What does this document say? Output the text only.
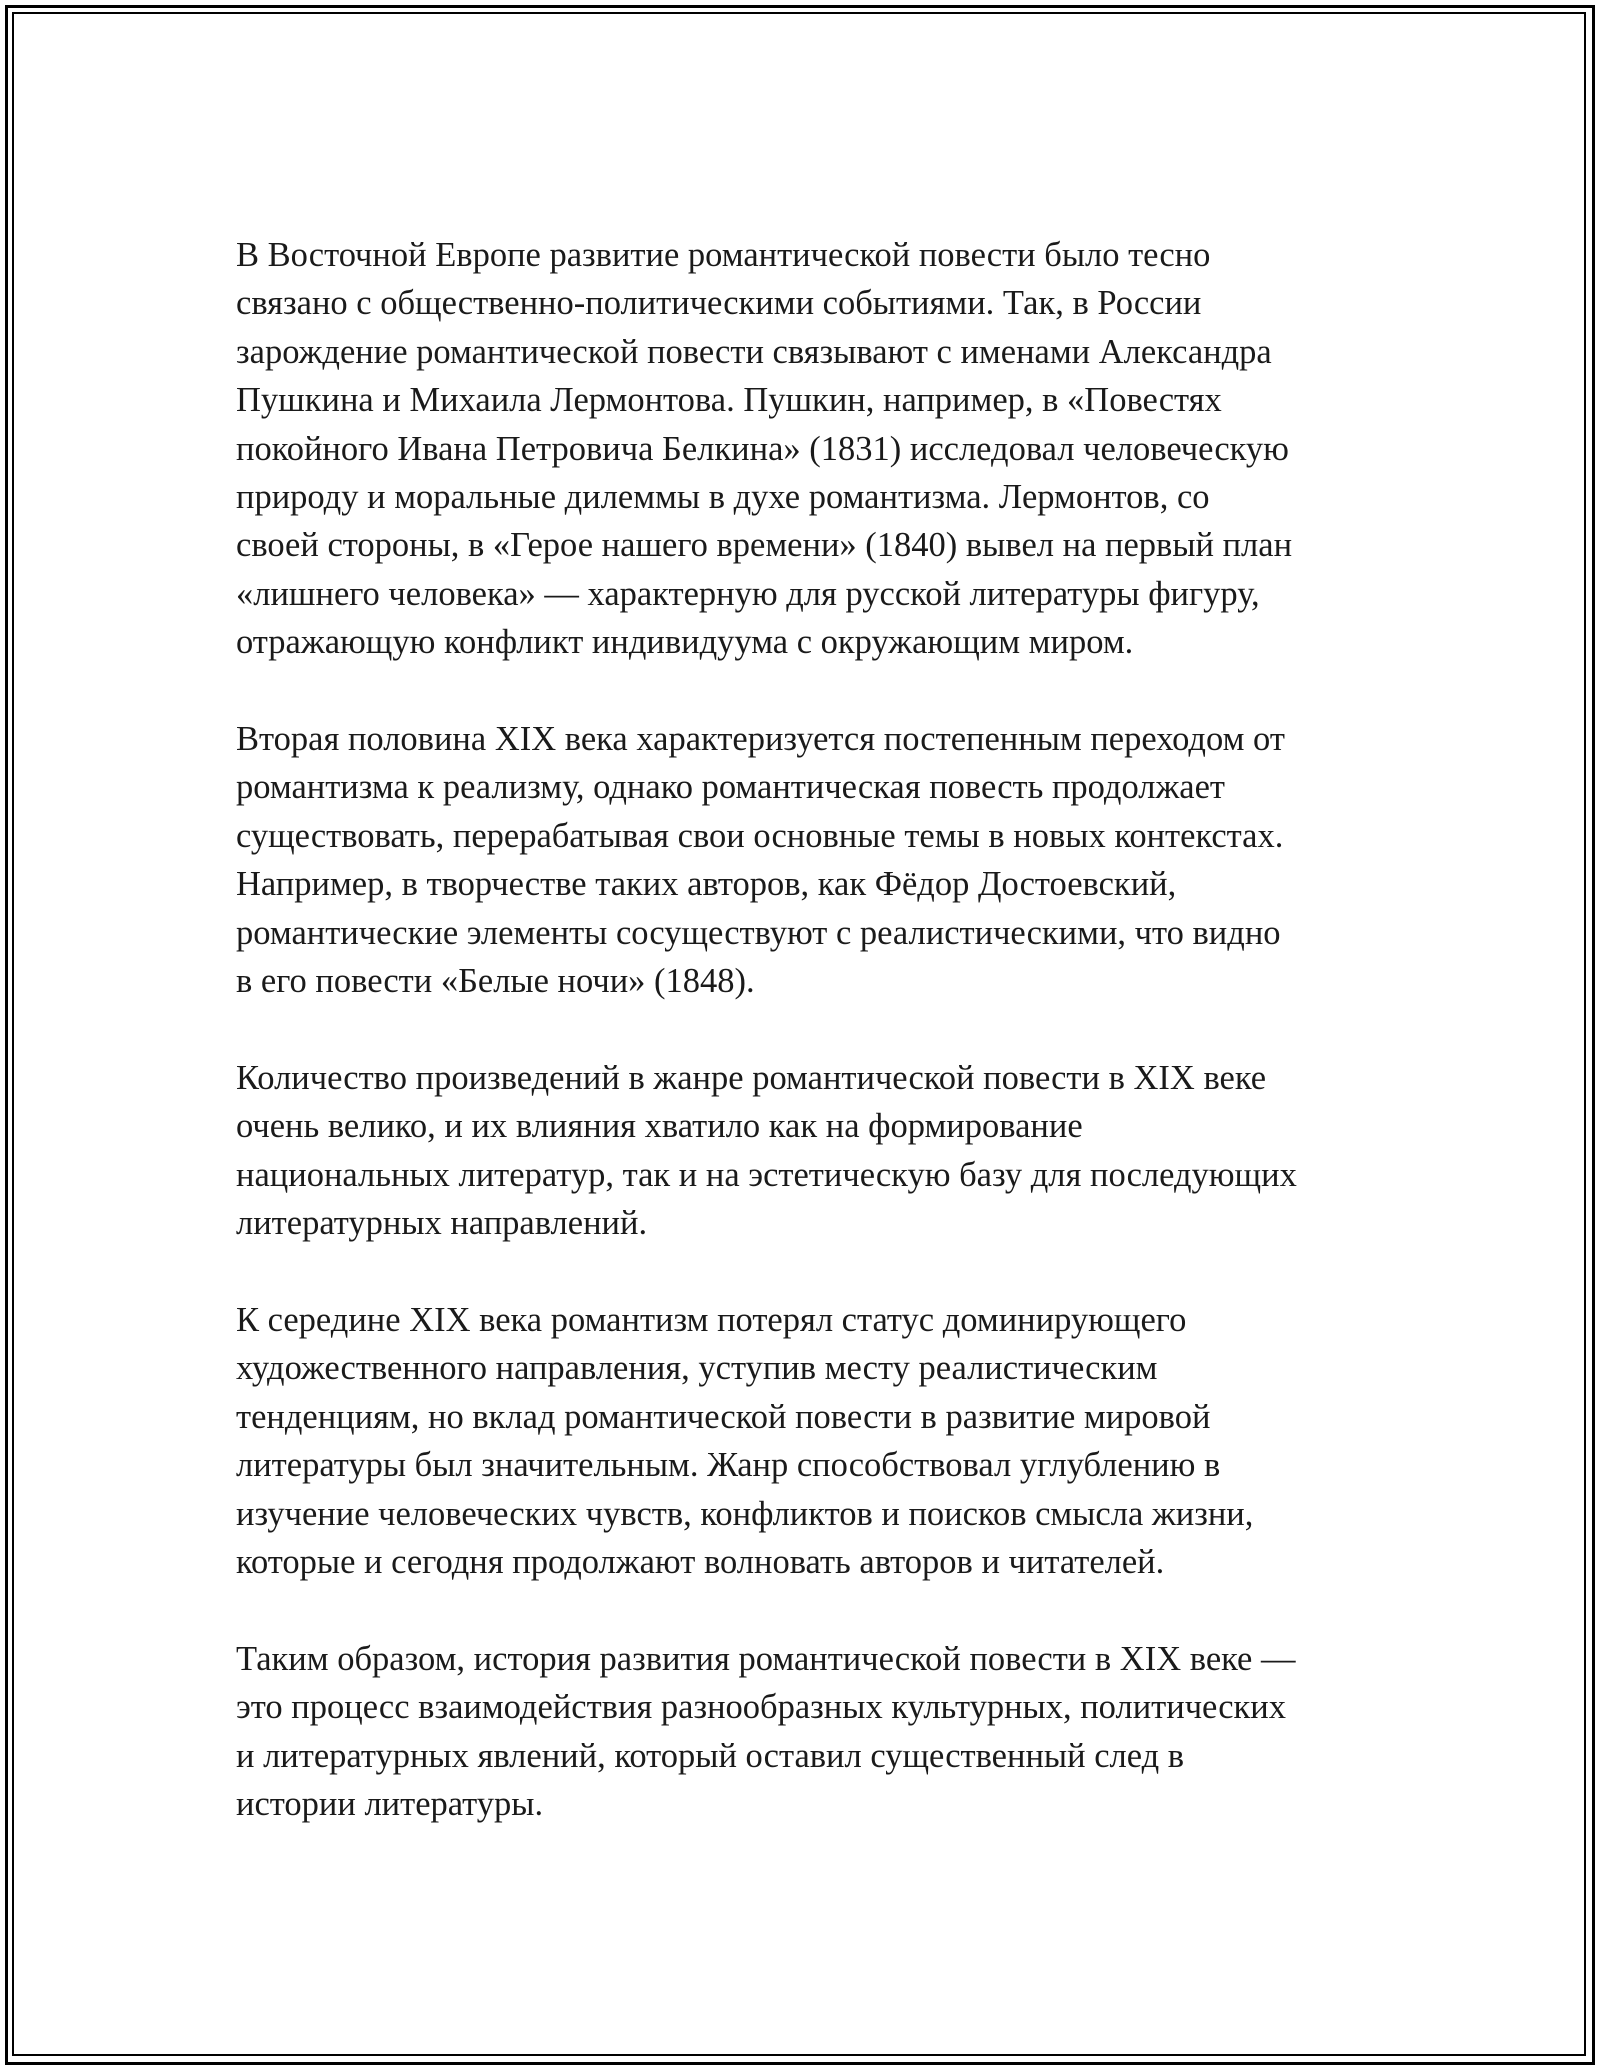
В Восточной Европе развитие романтической повести было тесно
связано с общественно-политическими событиями. Так, в России
зарождение романтической повести связывают с именами Александра
Пушкина и Михаила Лермонтова. Пушкин, например, в «Повестях
покойного Ивана Петровича Белкина» (1831) исследовал человеческую
природу и моральные дилеммы в духе романтизма. Лермонтов, со
своей стороны, в «Герое нашего времени» (1840) вывел на первый план
«лишнего человека» — характерную для русской литературы фигуру,
отражающую конфликт индивидуума с окружающим миром.

Вторая половина XIX века характеризуется постепенным переходом от
романтизма к реализму, однако романтическая повесть продолжает
существовать, перерабатывая свои основные темы в новых контекстах.
Например, в творчестве таких авторов, как Фёдор Достоевский,
романтические элементы сосуществуют с реалистическими, что видно
в его повести «Белые ночи» (1848).

Количество произведений в жанре романтической повести в XIX веке
очень велико, и их влияния хватило как на формирование
национальных литератур, так и на эстетическую базу для последующих
литературных направлений.

К середине XIX века романтизм потерял статус доминирующего
художественного направления, уступив месту реалистическим
тенденциям, но вклад романтической повести в развитие мировой
литературы был значительным. Жанр способствовал углублению в
изучение человеческих чувств, конфликтов и поисков смысла жизни,
которые и сегодня продолжают волновать авторов и читателей.

Таким образом, история развития романтической повести в XIX веке —
это процесс взаимодействия разнообразных культурных, политических
и литературных явлений, который оставил существенный след в
истории литературы.
